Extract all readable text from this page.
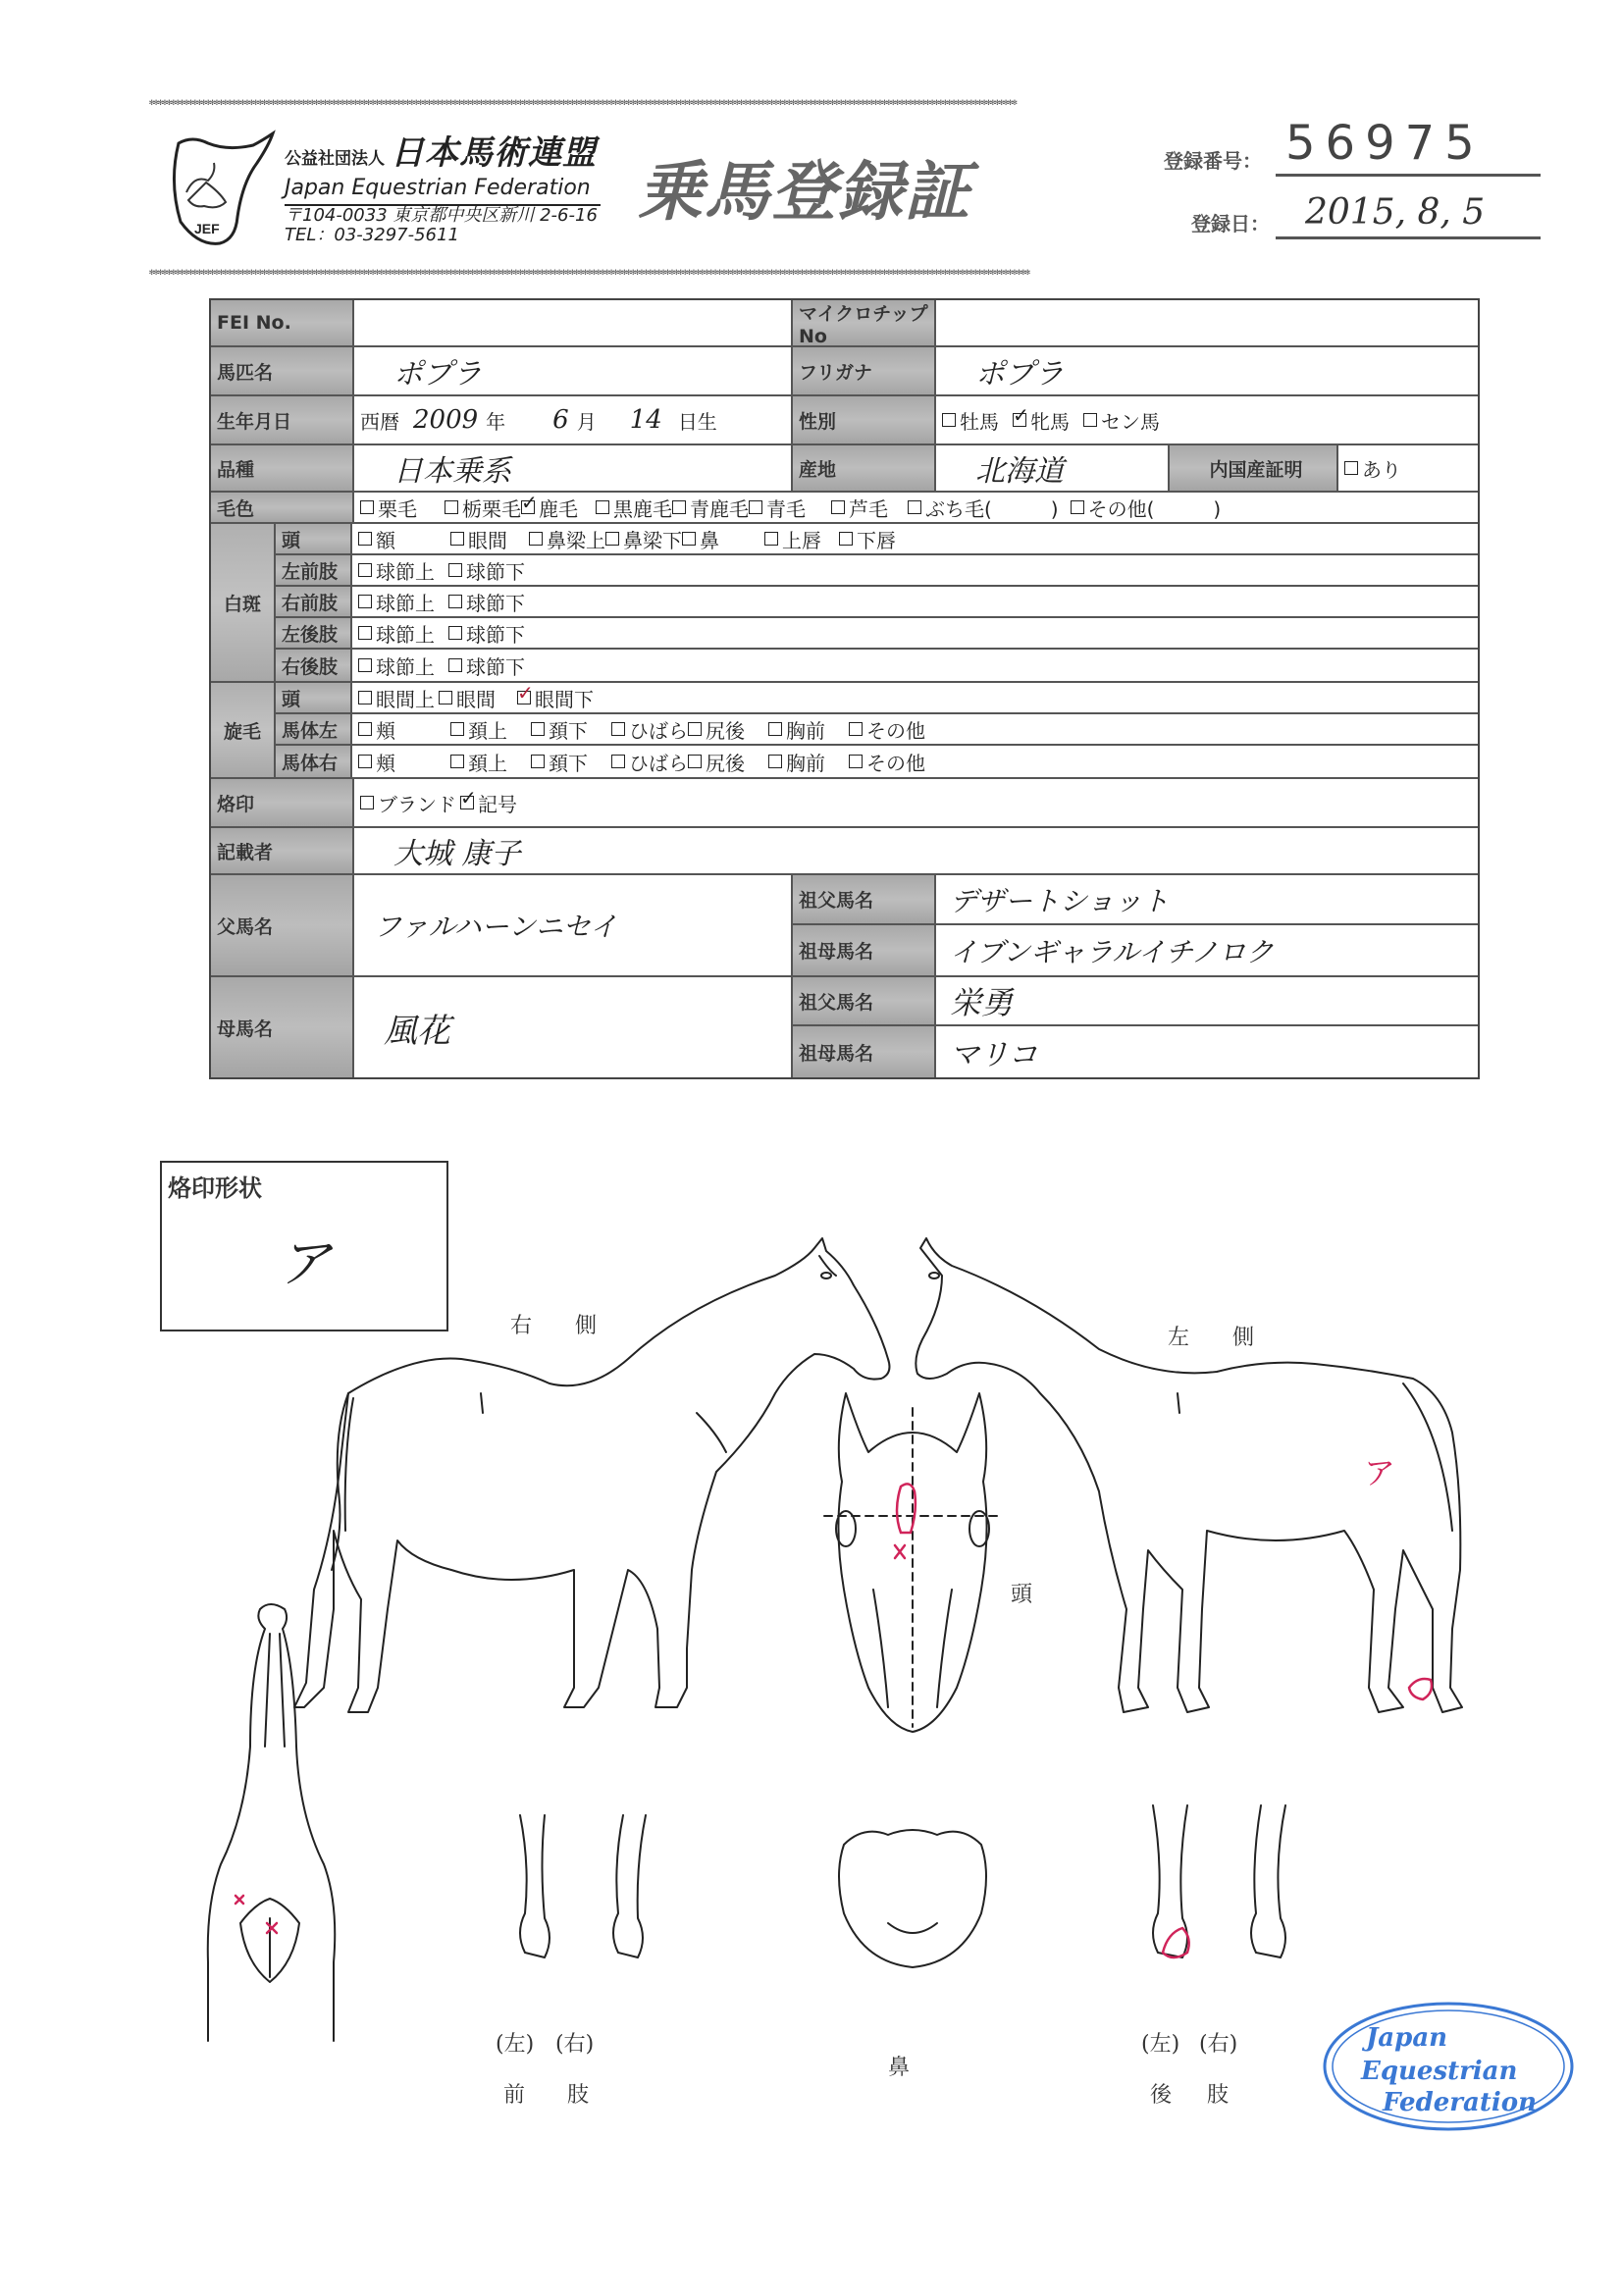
✻✻✻✻✻✻✻✻✻✻✻✻✻✻✻✻✻✻✻✻✻✻✻✻✻✻✻✻✻✻✻✻✻✻✻✻✻✻✻✻✻✻✻✻✻✻✻✻✻✻✻✻✻✻✻✻✻✻✻✻✻✻✻✻✻✻✻✻✻✻✻✻✻✻✻✻✻✻✻✻✻✻✻✻✻✻✻✻✻✻✻✻✻✻✻✻✻✻✻✻✻✻✻✻✻✻✻✻✻✻✻✻✻✻✻✻✻✻✻✻✻✻✻✻✻✻✻✻✻✻✻✻✻✻✻✻✻✻✻✻✻✻✻✻✻✻✻✻✻✻✻✻✻✻✻✻✻✻✻✻✻✻✻✻✻✻✻✻✻✻✻✻✻✻✻✻✻✻✻✻✻✻✻✻✻✻✻✻✻✻✻✻✻✻✻✻✻✻✻✻
✻✻✻✻✻✻✻✻✻✻✻✻✻✻✻✻✻✻✻✻✻✻✻✻✻✻✻✻✻✻✻✻✻✻✻✻✻✻✻✻✻✻✻✻✻✻✻✻✻✻✻✻✻✻✻✻✻✻✻✻✻✻✻✻✻✻✻✻✻✻✻✻✻✻✻✻✻✻✻✻✻✻✻✻✻✻✻✻✻✻✻✻✻✻✻✻✻✻✻✻✻✻✻✻✻✻✻✻✻✻✻✻✻✻✻✻✻✻✻✻✻✻✻✻✻✻✻✻✻✻✻✻✻✻✻✻✻✻✻✻✻✻✻✻✻✻✻✻✻✻✻✻✻✻✻✻✻✻✻✻✻✻✻✻✻✻✻✻✻✻✻✻✻✻✻✻✻✻✻✻✻✻✻✻✻✻✻✻✻✻✻✻✻✻✻✻✻✻✻✻✻✻✻
JEF
公益社団法人 日本馬術連盟
Japan Equestrian Federation
〒104-0033 東京都中央区新川 2-6-16
TEL：03-3297-5611
乗馬登録証	登録番号： 56975
登録日：	2015, 8, 5
FEI No.	マイクロチップNo
馬匹名	ポプラ	フリガナ	ポプラ
生年月日	西暦 2009 年	6 月	14 日生	性別	牡馬 ✓ 牝馬 セン馬
品種	日本乗系	産地	北海道	内国産証明	あり
毛色	栗毛 栃栗毛 ✓ 鹿毛 黒鹿毛 青鹿毛 青毛 芦毛 ぶち毛(　　　) その他(　　　)
白斑
頭	額	眼間 鼻梁上 鼻梁下 鼻	上唇 下唇
左前肢	球節上 球節下
右前肢	球節上 球節下
左後肢	球節上 球節下
右後肢	球節上 球節下
旋毛
頭	眼間上 眼間 ✓ 眼間下
馬体左	頬	頚上 頚下 ひばら 尻後 胸前 その他
馬体右	頬	頚上 頚下 ひばら 尻後 胸前 その他
烙印	ブランド ✓ 記号
記載者	大城 康子
父馬名	ファルハーンニセイ
祖父馬名	デザートショット
祖母馬名	イブンギャラルイチノロク
母馬名	風花
祖父馬名	栄勇
祖母馬名	マリコ
烙印形状
ア
右　　側	左　　側
頭
鼻
(左) (右)
前 肢
(左) (右)
後 肢
ア
Japan
Equestrian
Federation
